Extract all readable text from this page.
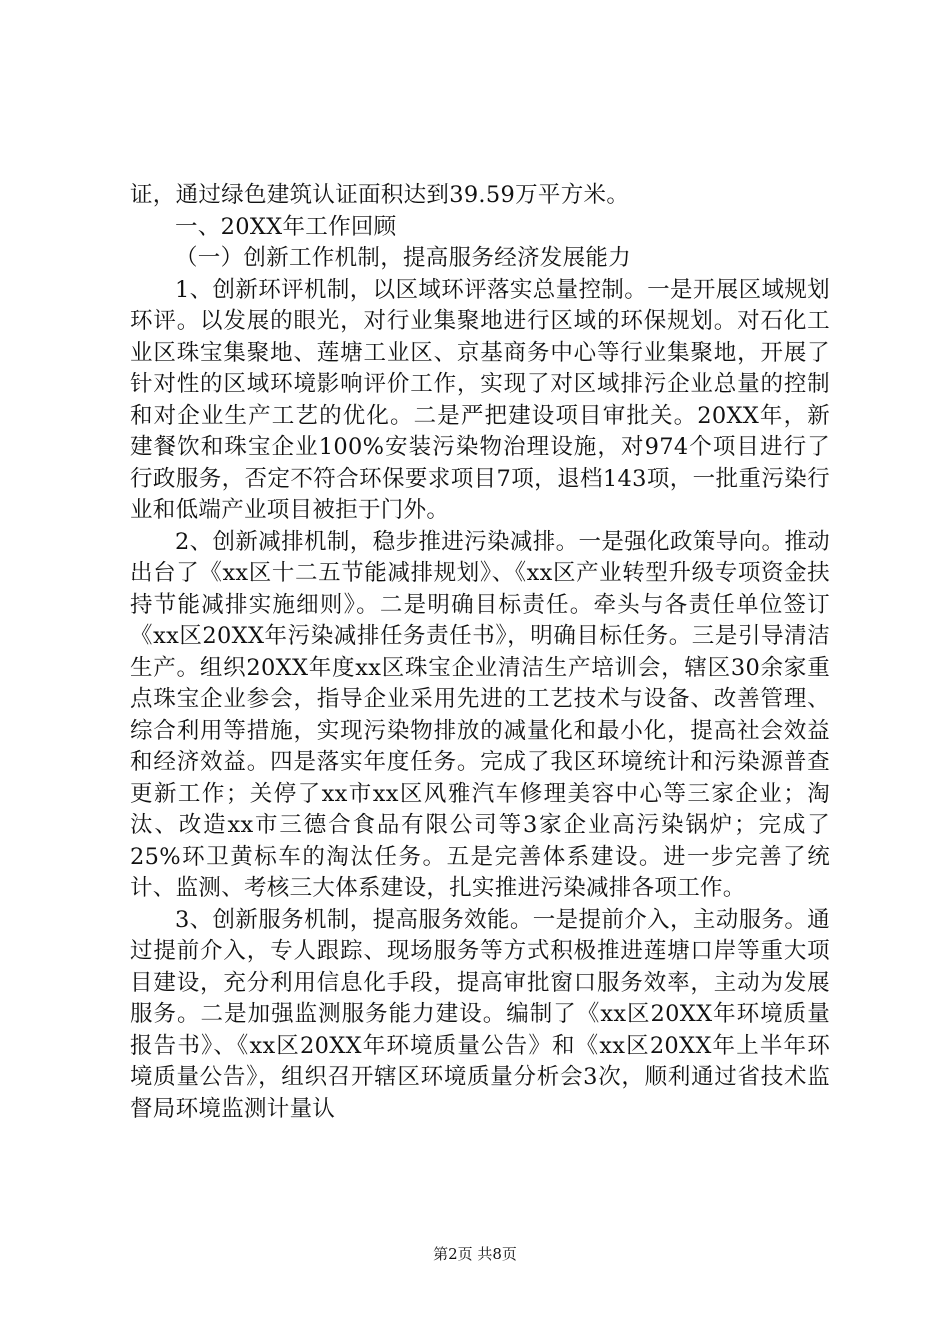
证，通过绿色建筑认证面积达到39.59万平方米。

一、20XX年工作回顾

（一）创新工作机制，提高服务经济发展能力

1、创新环评机制，以区域环评落实总量控制。一是开展区域规划环评。以发展的眼光，对行业集聚地进行区域的环保规划。对石化工业区珠宝集聚地、莲塘工业区、京基商务中心等行业集聚地，开展了针对性的区域环境影响评价工作，实现了对区域排污企业总量的控制和对企业生产工艺的优化。二是严把建设项目审批关。20XX年，新建餐饮和珠宝企业100%安装污染物治理设施，对974个项目进行了行政服务，否定不符合环保要求项目7项，退档143项，一批重污染行业和低端产业项目被拒于门外。

2、创新减排机制，稳步推进污染减排。一是强化政策导向。推动出台了《xx区十二五节能减排规划》、《xx区产业转型升级专项资金扶持节能减排实施细则》。二是明确目标责任。牵头与各责任单位签订《xx区20XX年污染减排任务责任书》，明确目标任务。三是引导清洁生产。组织20XX年度xx区珠宝企业清洁生产培训会，辖区30余家重点珠宝企业参会，指导企业采用先进的工艺技术与设备、改善管理、综合利用等措施，实现污染物排放的减量化和最小化，提高社会效益和经济效益。四是落实年度任务。完成了我区环境统计和污染源普查更新工作；关停了xx市xx区风雅汽车修理美容中心等三家企业；淘汰、改造xx市三德合食品有限公司等3家企业高污染锅炉；完成了25%环卫黄标车的淘汰任务。五是完善体系建设。进一步完善了统计、监测、考核三大体系建设，扎实推进污染减排各项工作。

3、创新服务机制，提高服务效能。一是提前介入，主动服务。通过提前介入，专人跟踪、现场服务等方式积极推进莲塘口岸等重大项目建设，充分利用信息化手段，提高审批窗口服务效率，主动为发展服务。二是加强监测服务能力建设。编制了《xx区20XX年环境质量报告书》、《xx区20XX年环境质量公告》和《xx区20XX年上半年环境质量公告》，组织召开辖区环境质量分析会3次，顺利通过省技术监督局环境监测计量认

第2页 共8页
